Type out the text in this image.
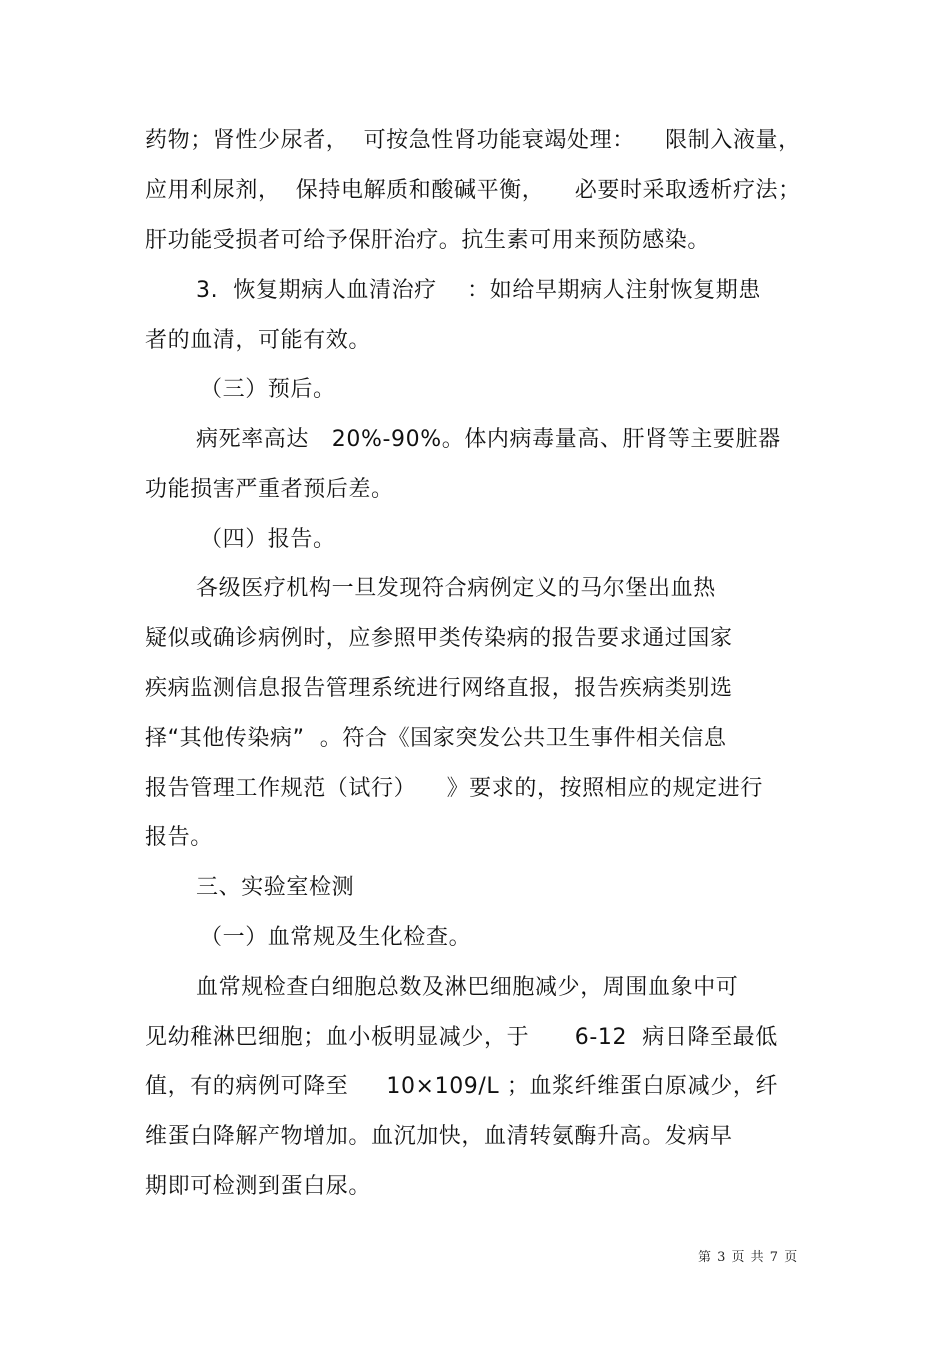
药物；肾性少尿者，  可按急性肾功能衰竭处理：    限制入液量，
应用利尿剂，  保持电解质和酸碱平衡，    必要时采取透析疗法；
肝功能受损者可给予保肝治疗。抗生素可用来预防感染。
3.  恢复期病人血清治疗    ：如给早期病人注射恢复期患
者的血清，可能有效。
（三）预后。
病死率高达   20%-90%。体内病毒量高、肝肾等主要脏器
功能损害严重者预后差。
（四）报告。
各级医疗机构一旦发现符合病例定义的马尔堡出血热
疑似或确诊病例时，应参照甲类传染病的报告要求通过国家
疾病监测信息报告管理系统进行网络直报，报告疾病类别选
择“其他传染病”  。符合《国家突发公共卫生事件相关信息
报告管理工作规范（试行）    》要求的，按照相应的规定进行
报告。
三、实验室检测
（一）血常规及生化检查。
血常规检查白细胞总数及淋巴细胞减少，周围血象中可
见幼稚淋巴细胞；血小板明显减少，于      6-12  病日降至最低
值，有的病例可降至     10×109/L ；血浆纤维蛋白原减少，纤
维蛋白降解产物增加。血沉加快，血清转氨酶升高。发病早
期即可检测到蛋白尿。
第 3 页 共 7 页
